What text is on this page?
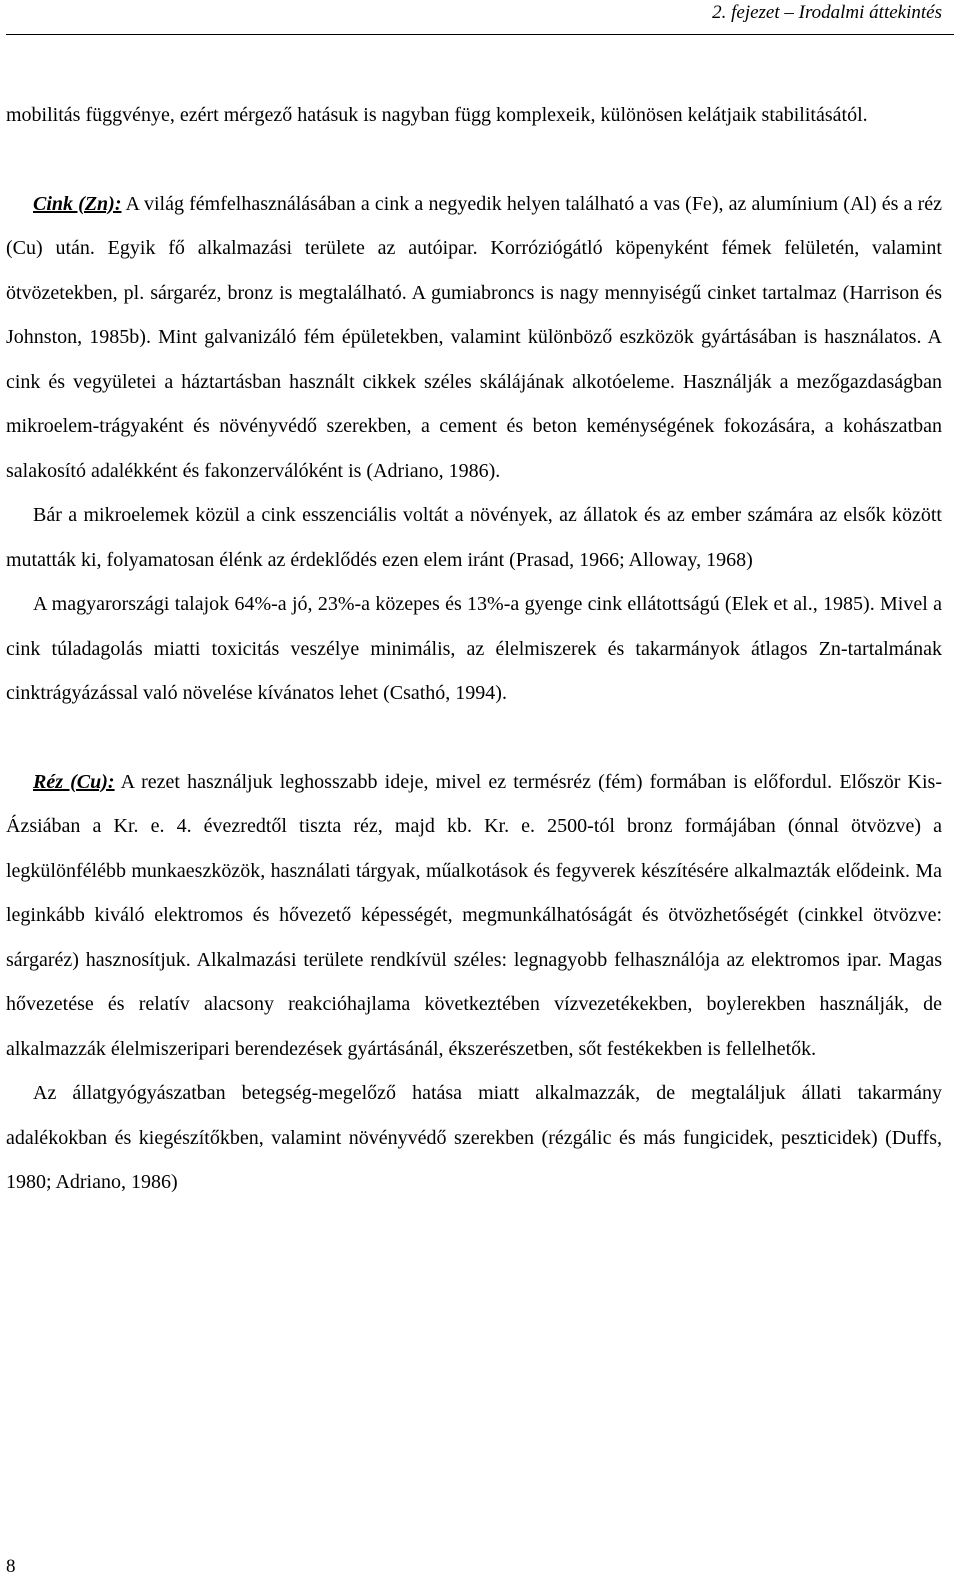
2. fejezet – Irodalmi áttekintés

mobilitás függvénye, ezért mérgező hatásuk is nagyban függ komplexeik, különösen kelátjaik stabilitásától.

Cink (Zn): A világ fémfelhasználásában a cink a negyedik helyen található a vas (Fe), az alumínium (Al) és a réz (Cu) után. Egyik fő alkalmazási területe az autóipar. Korróziógátló köpenyként fémek felületén, valamint ötvözetekben, pl. sárgaréz, bronz is megtalálható. A gumiabroncs is nagy mennyiségű cinket tartalmaz (Harrison és Johnston, 1985b). Mint galvanizáló fém épületekben, valamint különböző eszközök gyártásában is használatos. A cink és vegyületei a háztartásban használt cikkek széles skálájának alkotóeleme. Használják a mezőgazdaságban mikroelem-trágyaként és növényvédő szerekben, a cement és beton keménységének fokozására, a kohászatban salakosító adalékként és fakonzerválóként is (Adriano, 1986).

Bár a mikroelemek közül a cink esszenciális voltát a növények, az állatok és az ember számára az elsők között mutatták ki, folyamatosan élénk az érdeklődés ezen elem iránt (Prasad, 1966; Alloway, 1968)

A magyarországi talajok 64%-a jó, 23%-a közepes és 13%-a gyenge cink ellátottságú (Elek et al., 1985). Mivel a cink túladagolás miatti toxicitás veszélye minimális, az élelmiszerek és takarmányok átlagos Zn-tartalmának cinktrágyázással való növelése kívánatos lehet (Csathó, 1994).

Réz (Cu): A rezet használjuk leghosszabb ideje, mivel ez termésréz (fém) formában is előfordul. Először Kis-Ázsiában a Kr. e. 4. évezredtől tiszta réz, majd kb. Kr. e. 2500-tól bronz formájában (ónnal ötvözve) a legkülönfélébb munkaeszközök, használati tárgyak, műalkotások és fegyverek készítésére alkalmazták elődeink. Ma leginkább kiváló elektromos és hővezető képességét, megmunkálhatóságát és ötvözhetőségét (cinkkel ötvözve: sárgaréz) hasznosítjuk. Alkalmazási területe rendkívül széles: legnagyobb felhasználója az elektromos ipar. Magas hővezetése és relatív alacsony reakcióhajlama következtében vízvezetékekben, boylerekben használják, de alkalmazzák élelmiszeripari berendezések gyártásánál, ékszerészetben, sőt festékekben is fellelhetők.

Az állatgyógyászatban betegség-megelőző hatása miatt alkalmazzák, de megtaláljuk állati takarmány adalékokban és kiegészítőkben, valamint növényvédő szerekben (rézgálic és más fungicidek, peszticidek) (Duffs, 1980; Adriano, 1986)

8
